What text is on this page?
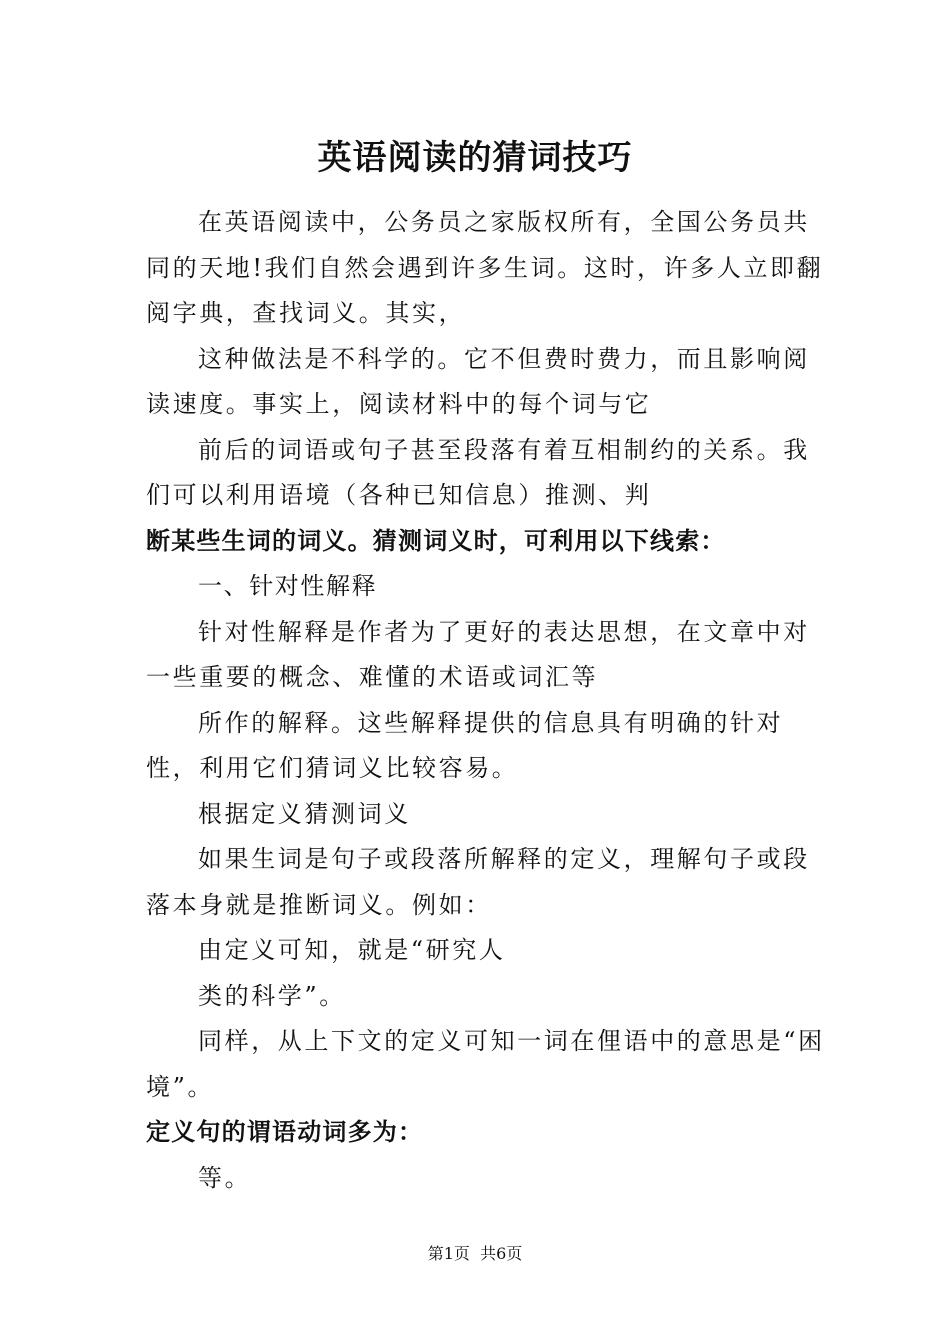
英语阅读的猜词技巧

在英语阅读中，公务员之家版权所有，全国公务员共同的天地!我们自然会遇到许多生词。这时，许多人立即翻阅字典，查找词义。其实，

这种做法是不科学的。它不但费时费力，而且影响阅读速度。事实上，阅读材料中的每个词与它

前后的词语或句子甚至段落有着互相制约的关系。我们可以利用语境（各种已知信息）推测、判

断某些生词的词义。猜测词义时，可利用以下线索：

一、针对性解释

针对性解释是作者为了更好的表达思想，在文章中对一些重要的概念、难懂的术语或词汇等

所作的解释。这些解释提供的信息具有明确的针对性，利用它们猜词义比较容易。

根据定义猜测词义

如果生词是句子或段落所解释的定义，理解句子或段落本身就是推断词义。例如：

由定义可知，就是“研究人

类的科学”。

同样，从上下文的定义可知一词在俚语中的意思是“困境”。

定义句的谓语动词多为：

等。

第1页 共6页
